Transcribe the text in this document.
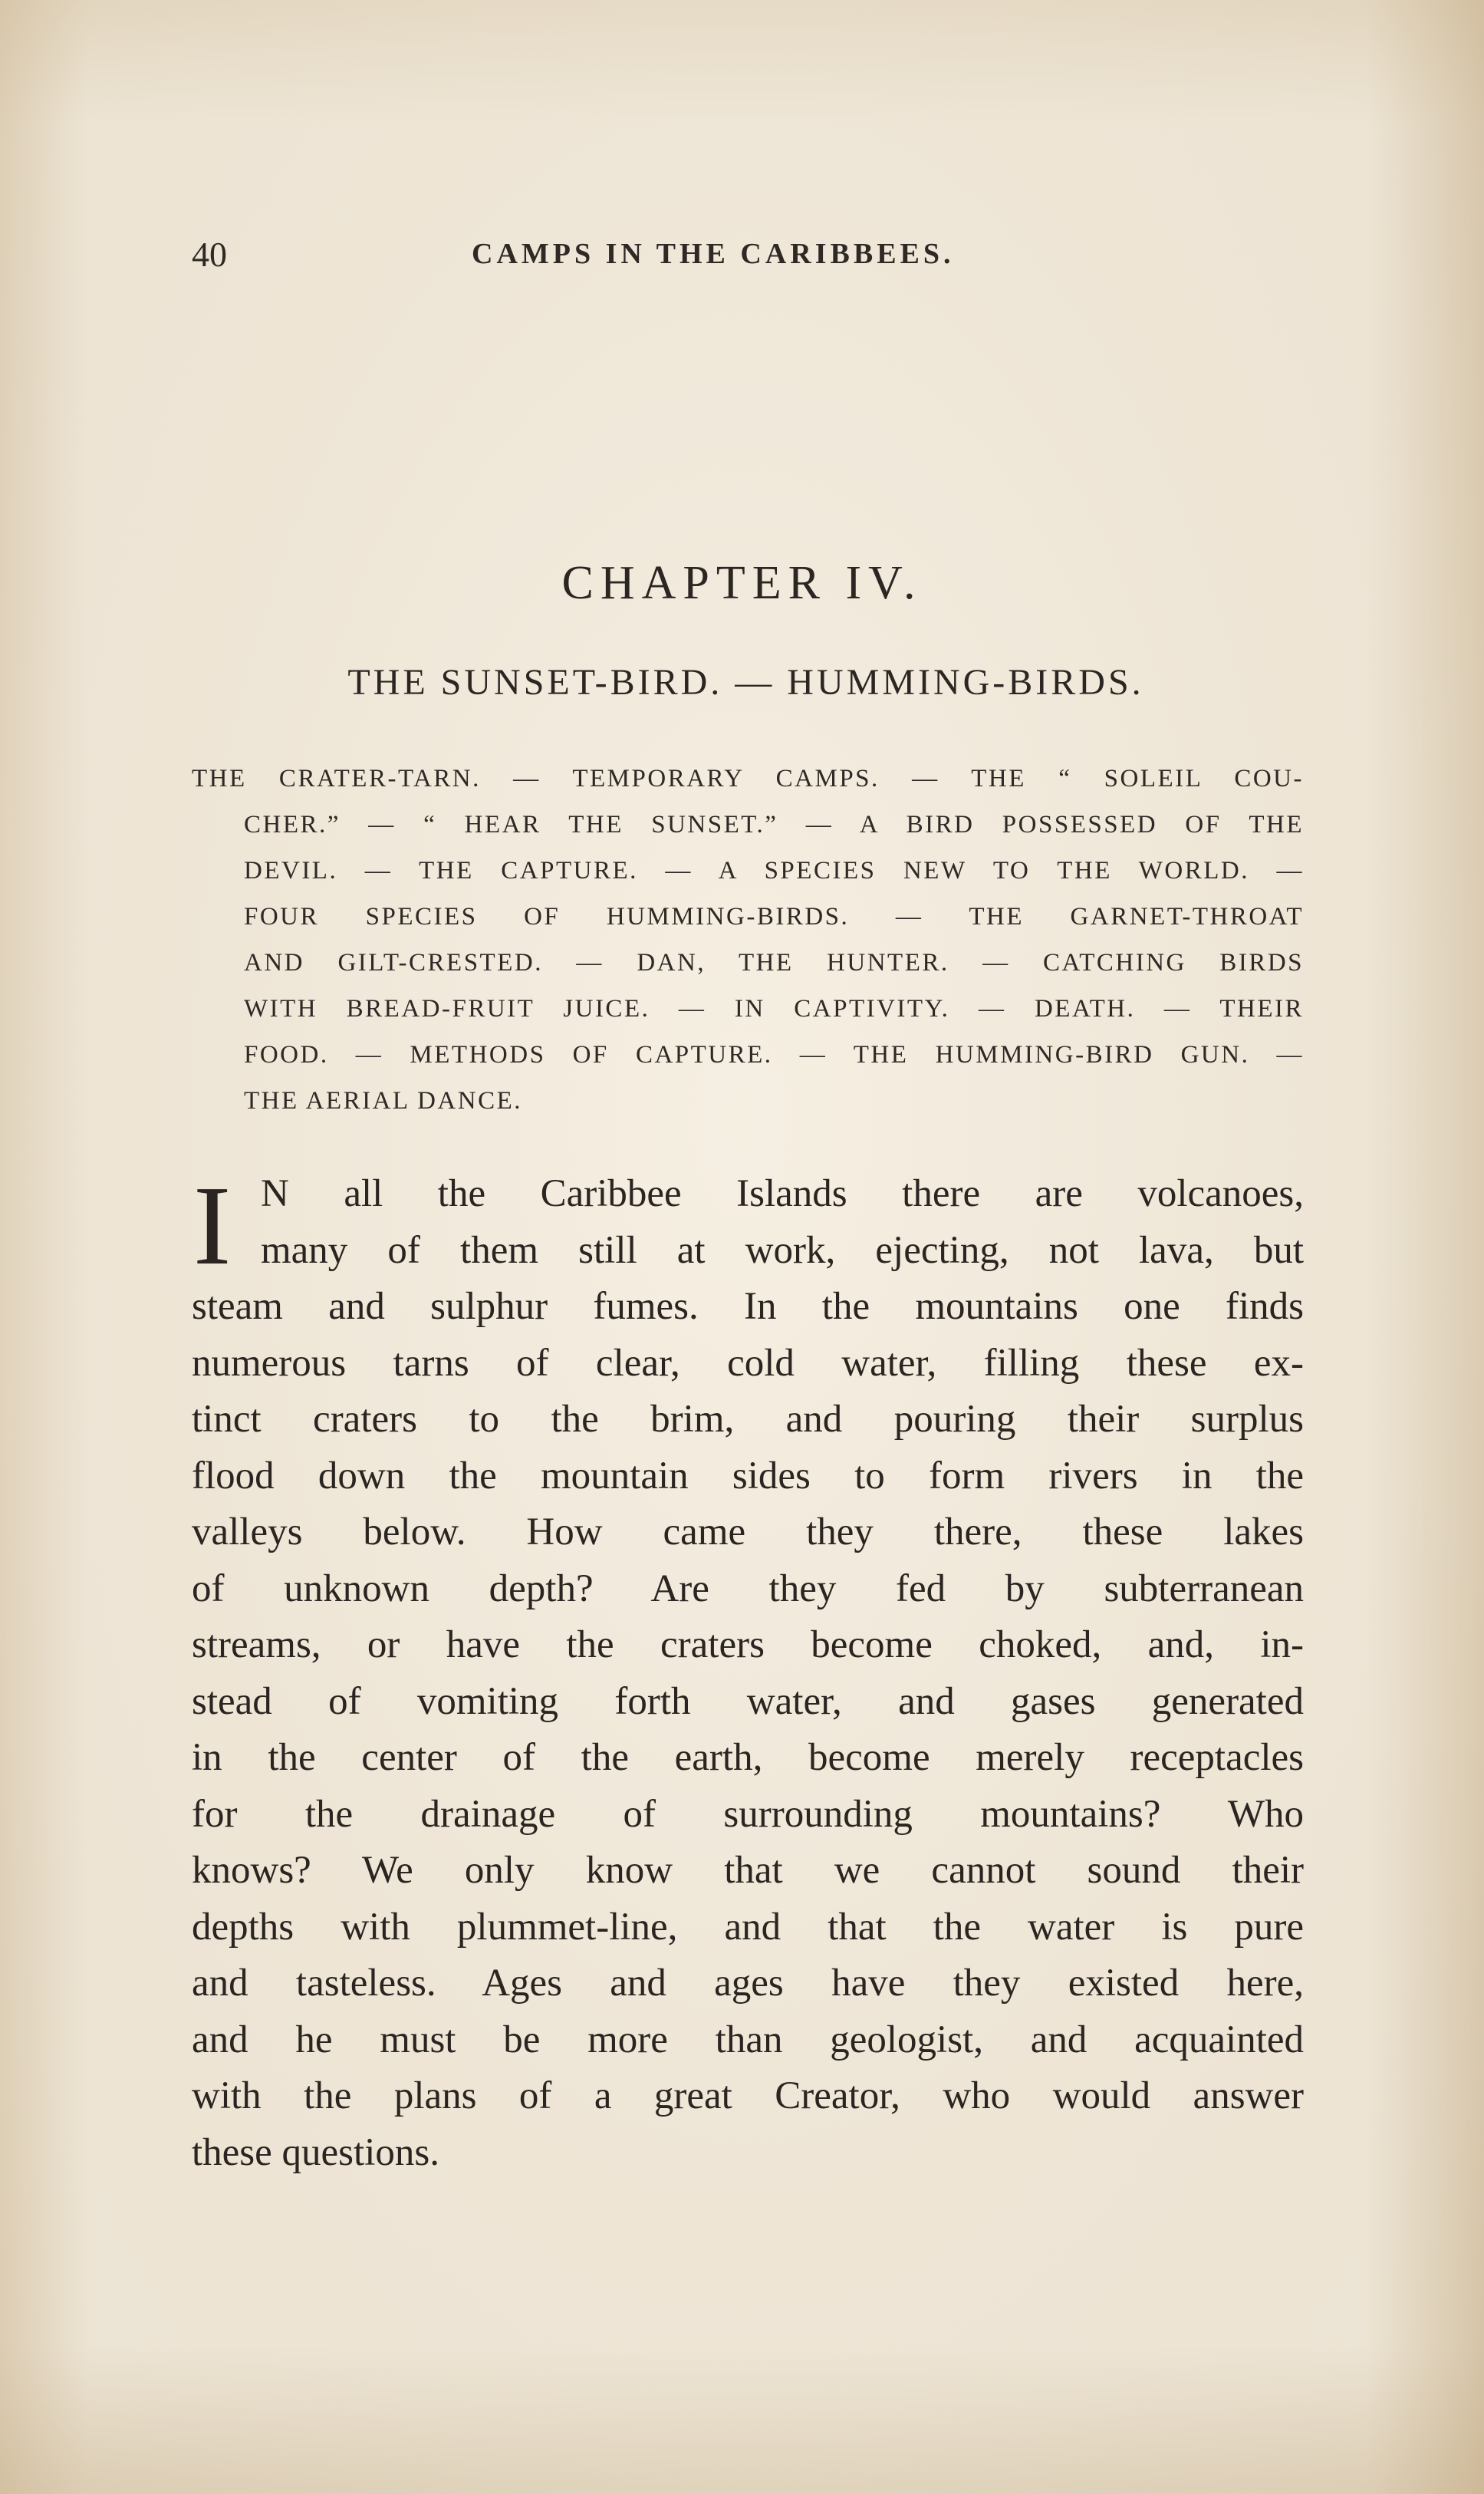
40	CAMPS IN THE CARIBBEES.
CHAPTER IV.
THE SUNSET-BIRD. — HUMMING-BIRDS.
THE CRATER-TARN. — TEMPORARY CAMPS. — THE “ SOLEIL COU-
CHER.” — “ HEAR THE SUNSET.” — A BIRD POSSESSED OF THE
DEVIL. — THE CAPTURE. — A SPECIES NEW TO THE WORLD. —
FOUR SPECIES OF HUMMING-BIRDS. — THE GARNET-THROAT
AND GILT-CRESTED. — DAN, THE HUNTER. — CATCHING BIRDS
WITH BREAD-FRUIT JUICE. — IN CAPTIVITY. — DEATH. — THEIR
FOOD. — METHODS OF CAPTURE. — THE HUMMING-BIRD GUN. —
THE AERIAL DANCE.
I N all the Caribbee Islands there are volcanoes,
many of them still at work, ejecting, not lava, but
steam and sulphur fumes. In the mountains one finds
numerous tarns of clear, cold water, filling these ex-
tinct craters to the brim, and pouring their surplus
flood down the mountain sides to form rivers in the
valleys below. How came they there, these lakes
of unknown depth? Are they fed by subterranean
streams, or have the craters become choked, and, in-
stead of vomiting forth water, and gases generated
in the center of the earth, become merely receptacles
for the drainage of surrounding mountains? Who
knows? We only know that we cannot sound their
depths with plummet-line, and that the water is pure
and tasteless. Ages and ages have they existed here,
and he must be more than geologist, and acquainted
with the plans of a great Creator, who would answer
these questions.
